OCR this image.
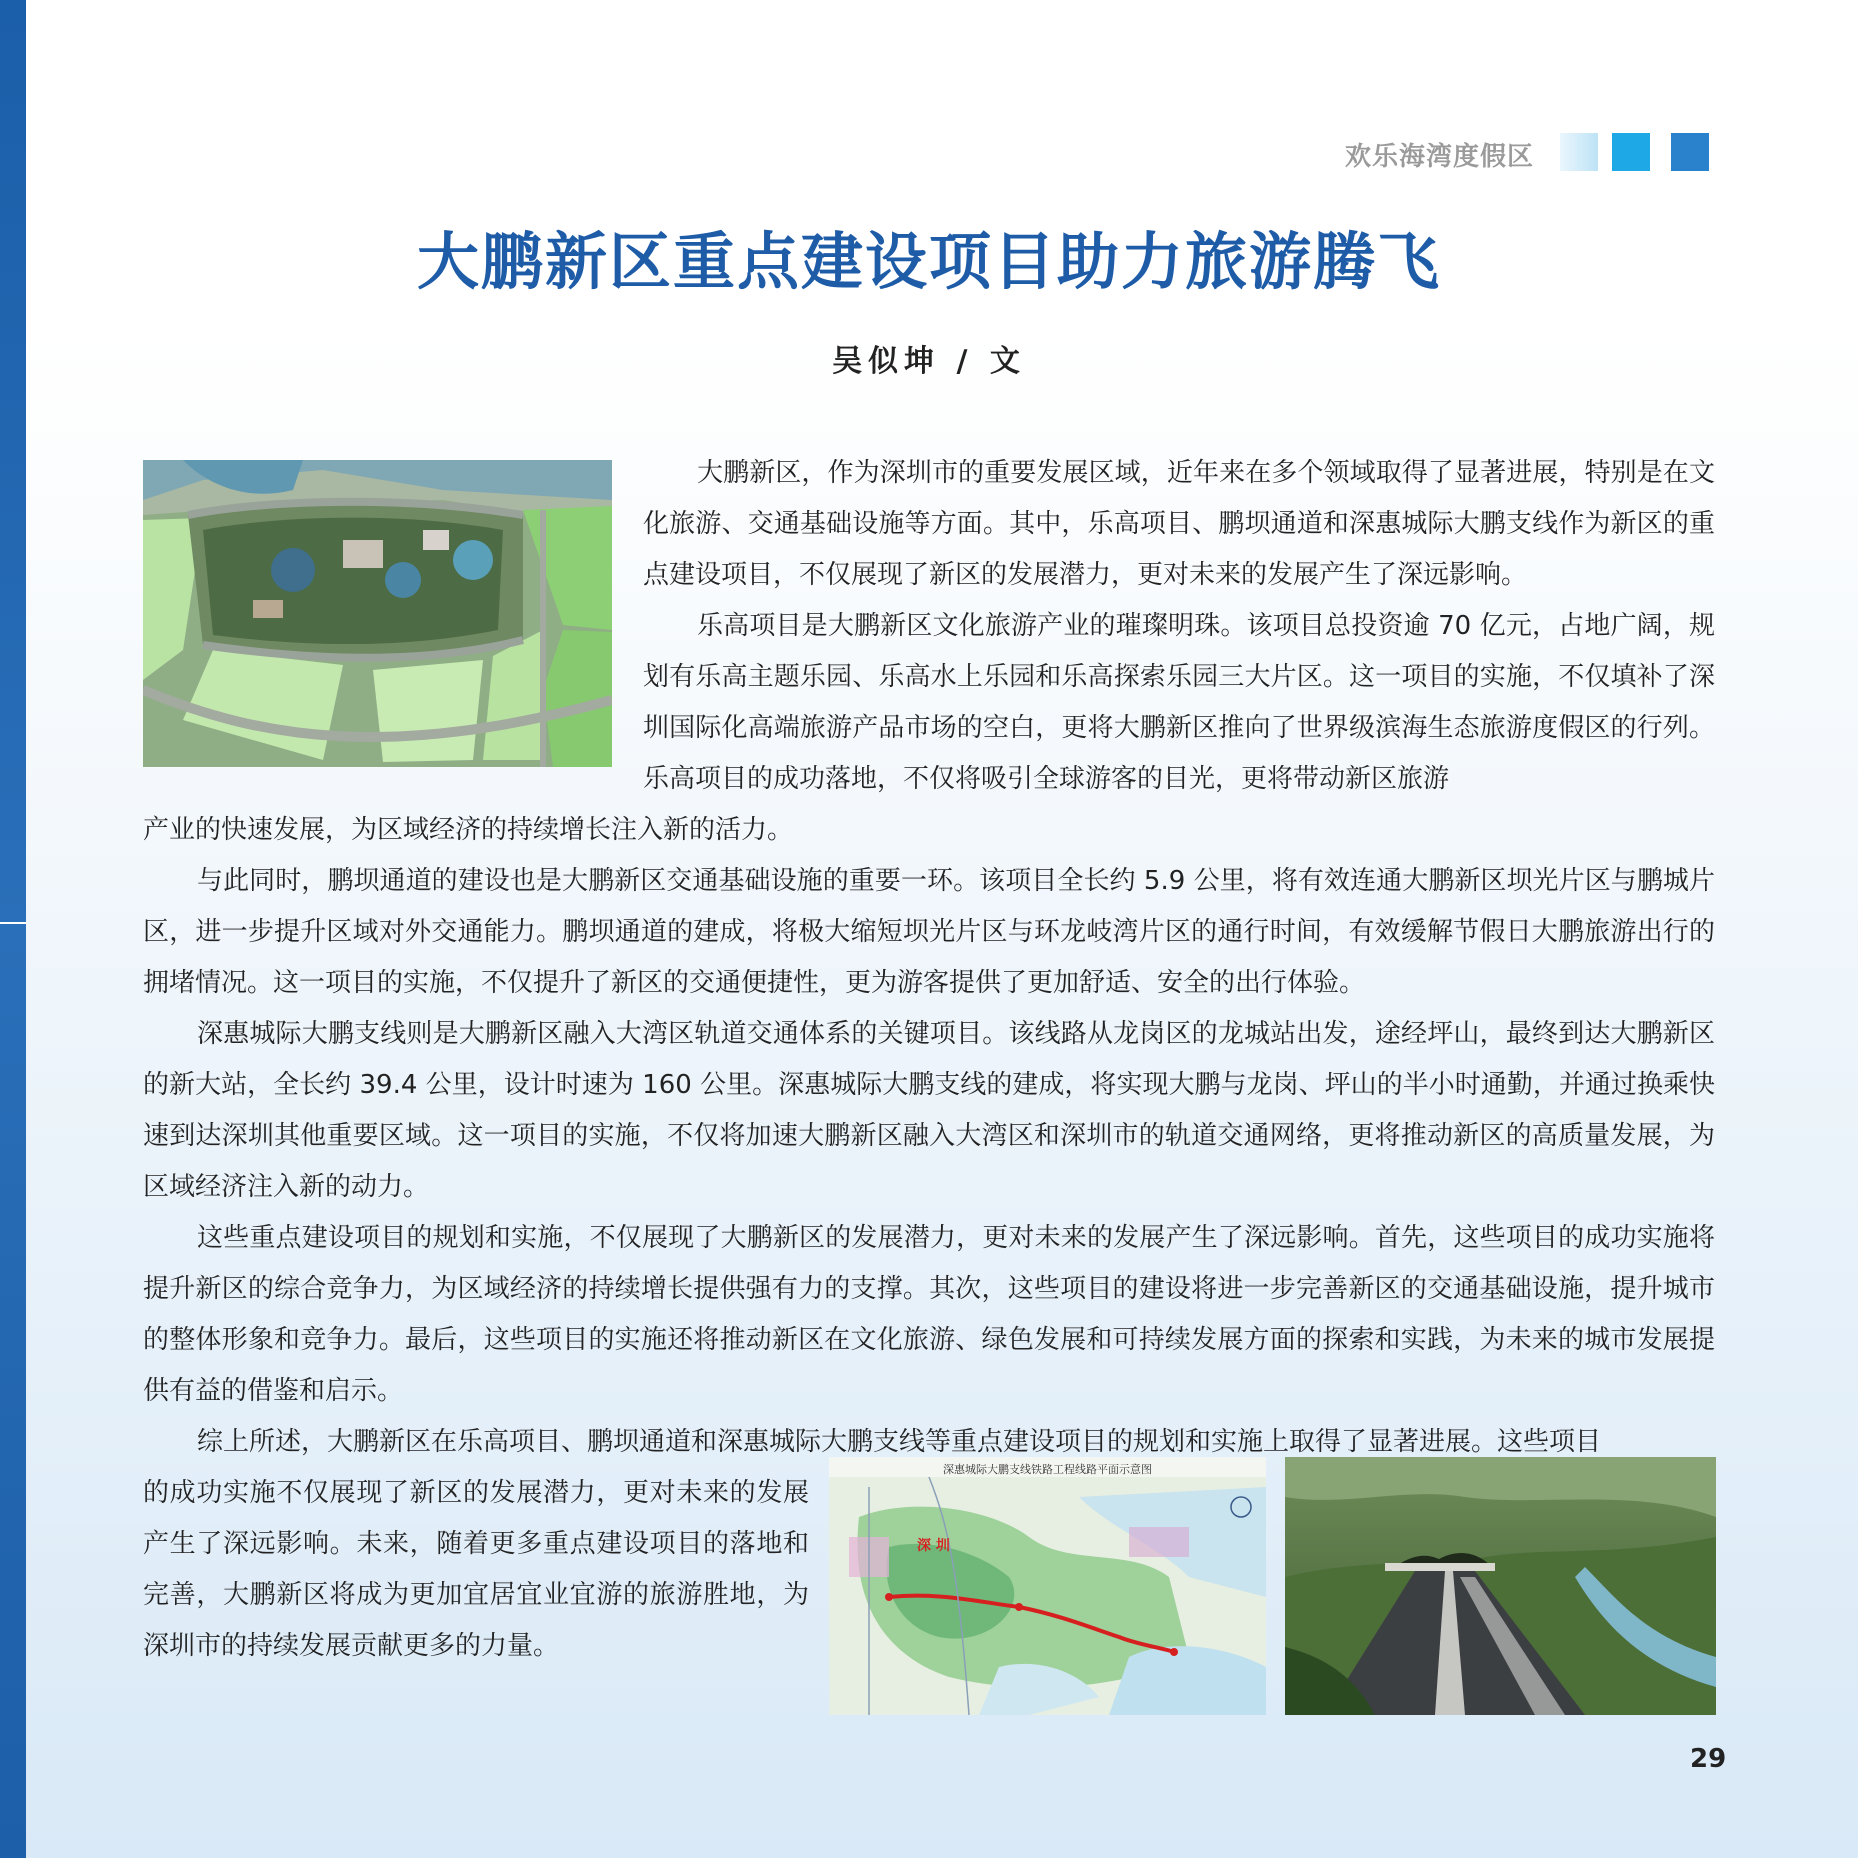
欢乐海湾度假区
大鹏新区重点建设项目助力旅游腾飞
吴似坤 / 文
大鹏新区，作为深圳市的重要发展区域，近年来在多个领域取得了显著进展，特别是在文化旅游、交通基础设施等方面。其中，乐高项目、鹏坝通道和深惠城际大鹏支线作为新区的重点建设项目，不仅展现了新区的发展潜力，更对未来的发展产生了深远影响。
乐高项目是大鹏新区文化旅游产业的璀璨明珠。该项目总投资逾 70 亿元，占地广阔，规划有乐高主题乐园、乐高水上乐园和乐高探索乐园三大片区。这一项目的实施，不仅填补了深圳国际化高端旅游产品市场的空白，更将大鹏新区推向了世界级滨海生态旅游度假区的行列。乐高项目的成功落地，不仅将吸引全球游客的目光，更将带动新区旅游
产业的快速发展，为区域经济的持续增长注入新的活力。
与此同时，鹏坝通道的建设也是大鹏新区交通基础设施的重要一环。该项目全长约 5.9 公里，将有效连通大鹏新区坝光片区与鹏城片区，进一步提升区域对外交通能力。鹏坝通道的建成，将极大缩短坝光片区与环龙岐湾片区的通行时间，有效缓解节假日大鹏旅游出行的拥堵情况。这一项目的实施，不仅提升了新区的交通便捷性，更为游客提供了更加舒适、安全的出行体验。
深惠城际大鹏支线则是大鹏新区融入大湾区轨道交通体系的关键项目。该线路从龙岗区的龙城站出发，途经坪山，最终到达大鹏新区的新大站，全长约 39.4 公里，设计时速为 160 公里。深惠城际大鹏支线的建成，将实现大鹏与龙岗、坪山的半小时通勤，并通过换乘快速到达深圳其他重要区域。这一项目的实施，不仅将加速大鹏新区融入大湾区和深圳市的轨道交通网络，更将推动新区的高质量发展，为区域经济注入新的动力。
这些重点建设项目的规划和实施，不仅展现了大鹏新区的发展潜力，更对未来的发展产生了深远影响。首先，这些项目的成功实施将提升新区的综合竞争力，为区域经济的持续增长提供强有力的支撑。其次，这些项目的建设将进一步完善新区的交通基础设施，提升城市的整体形象和竞争力。最后，这些项目的实施还将推动新区在文化旅游、绿色发展和可持续发展方面的探索和实践，为未来的城市发展提供有益的借鉴和启示。
综上所述，大鹏新区在乐高项目、鹏坝通道和深惠城际大鹏支线等重点建设项目的规划和实施上取得了显著进展。这些项目
的成功实施不仅展现了新区的发展潜力，更对未来的发展产生了深远影响。未来，随着更多重点建设项目的落地和完善，大鹏新区将成为更加宜居宜业宜游的旅游胜地，为深圳市的持续发展贡献更多的力量。
深惠城际大鹏支线铁路工程线路平面示意图
深 圳
29
